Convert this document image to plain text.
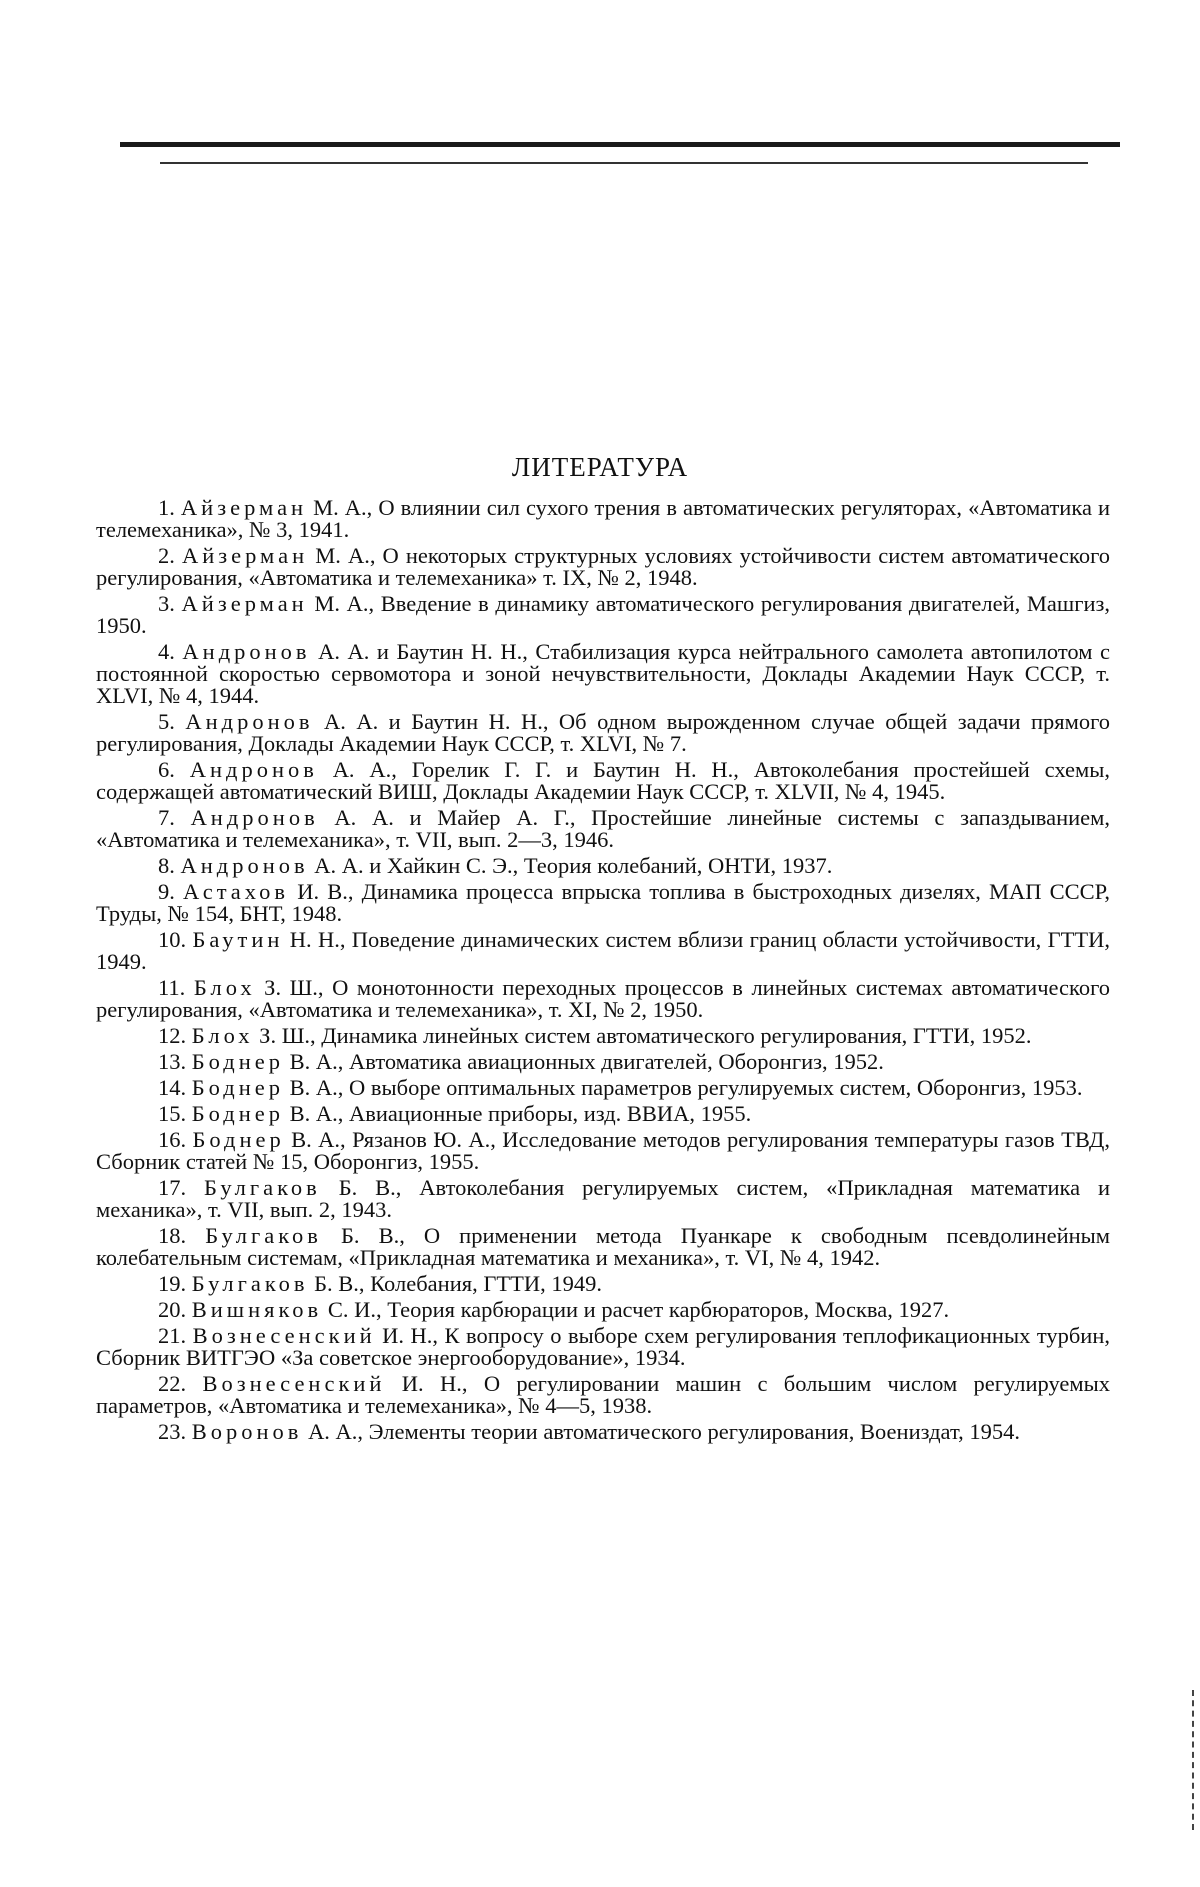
ЛИТЕРАТУРА

1. Айзерман М. А., О влиянии сил сухого трения в автоматических регуляторах, «Автоматика и телемеханика», № 3, 1941.

2. Айзерман М. А., О некоторых структурных условиях устойчивости систем автоматического регулирования, «Автоматика и телемеханика» т. IX, № 2, 1948.

3. Айзерман М. А., Введение в динамику автоматического регулирования двигателей, Машгиз, 1950.

4. Андронов А. А. и Баутин Н. Н., Стабилизация курса нейтрального самолета автопилотом с постоянной скоростью сервомотора и зоной нечувствительности, Доклады Академии Наук СССР, т. XLVI, № 4, 1944.

5. Андронов А. А. и Баутин Н. Н., Об одном вырожденном случае общей задачи прямого регулирования, Доклады Академии Наук СССР, т. XLVI, № 7.

6. Андронов А. А., Горелик Г. Г. и Баутин Н. Н., Автоколебания простейшей схемы, содержащей автоматический ВИШ, Доклады Академии Наук СССР, т. XLVII, № 4, 1945.

7. Андронов А. А. и Майер А. Г., Простейшие линейные системы с запаздыванием, «Автоматика и телемеханика», т. VII, вып. 2—3, 1946.

8. Андронов А. А. и Хайкин С. Э., Теория колебаний, ОНТИ, 1937.

9. Астахов И. В., Динамика процесса впрыска топлива в быстроходных дизелях, МАП СССР, Труды, № 154, БНТ, 1948.

10. Баутин Н. Н., Поведение динамических систем вблизи границ области устойчивости, ГТТИ, 1949.

11. Блох З. Ш., О монотонности переходных процессов в линейных системах автоматического регулирования, «Автоматика и телемеханика», т. XI, № 2, 1950.

12. Блох З. Ш., Динамика линейных систем автоматического регулирования, ГТТИ, 1952.

13. Боднер В. А., Автоматика авиационных двигателей, Оборонгиз, 1952.

14. Боднер В. А., О выборе оптимальных параметров регулируемых систем, Оборонгиз, 1953.

15. Боднер В. А., Авиационные приборы, изд. ВВИА, 1955.

16. Боднер В. А., Рязанов Ю. А., Исследование методов регулирования температуры газов ТВД, Сборник статей № 15, Оборонгиз, 1955.

17. Булгаков Б. В., Автоколебания регулируемых систем, «Прикладная математика и механика», т. VII, вып. 2, 1943.

18. Булгаков Б. В., О применении метода Пуанкаре к свободным псевдолинейным колебательным системам, «Прикладная математика и механика», т. VI, № 4, 1942.

19. Булгаков Б. В., Колебания, ГТТИ, 1949.

20. Вишняков С. И., Теория карбюрации и расчет карбюраторов, Москва, 1927.

21. Вознесенский И. Н., К вопросу о выборе схем регулирования теплофикационных турбин, Сборник ВИТГЭО «За советское энергооборудование», 1934.

22. Вознесенский И. Н., О регулировании машин с большим числом регулируемых параметров, «Автоматика и телемеханика», № 4—5, 1938.

23. Воронов А. А., Элементы теории автоматического регулирования, Воениздат, 1954.
